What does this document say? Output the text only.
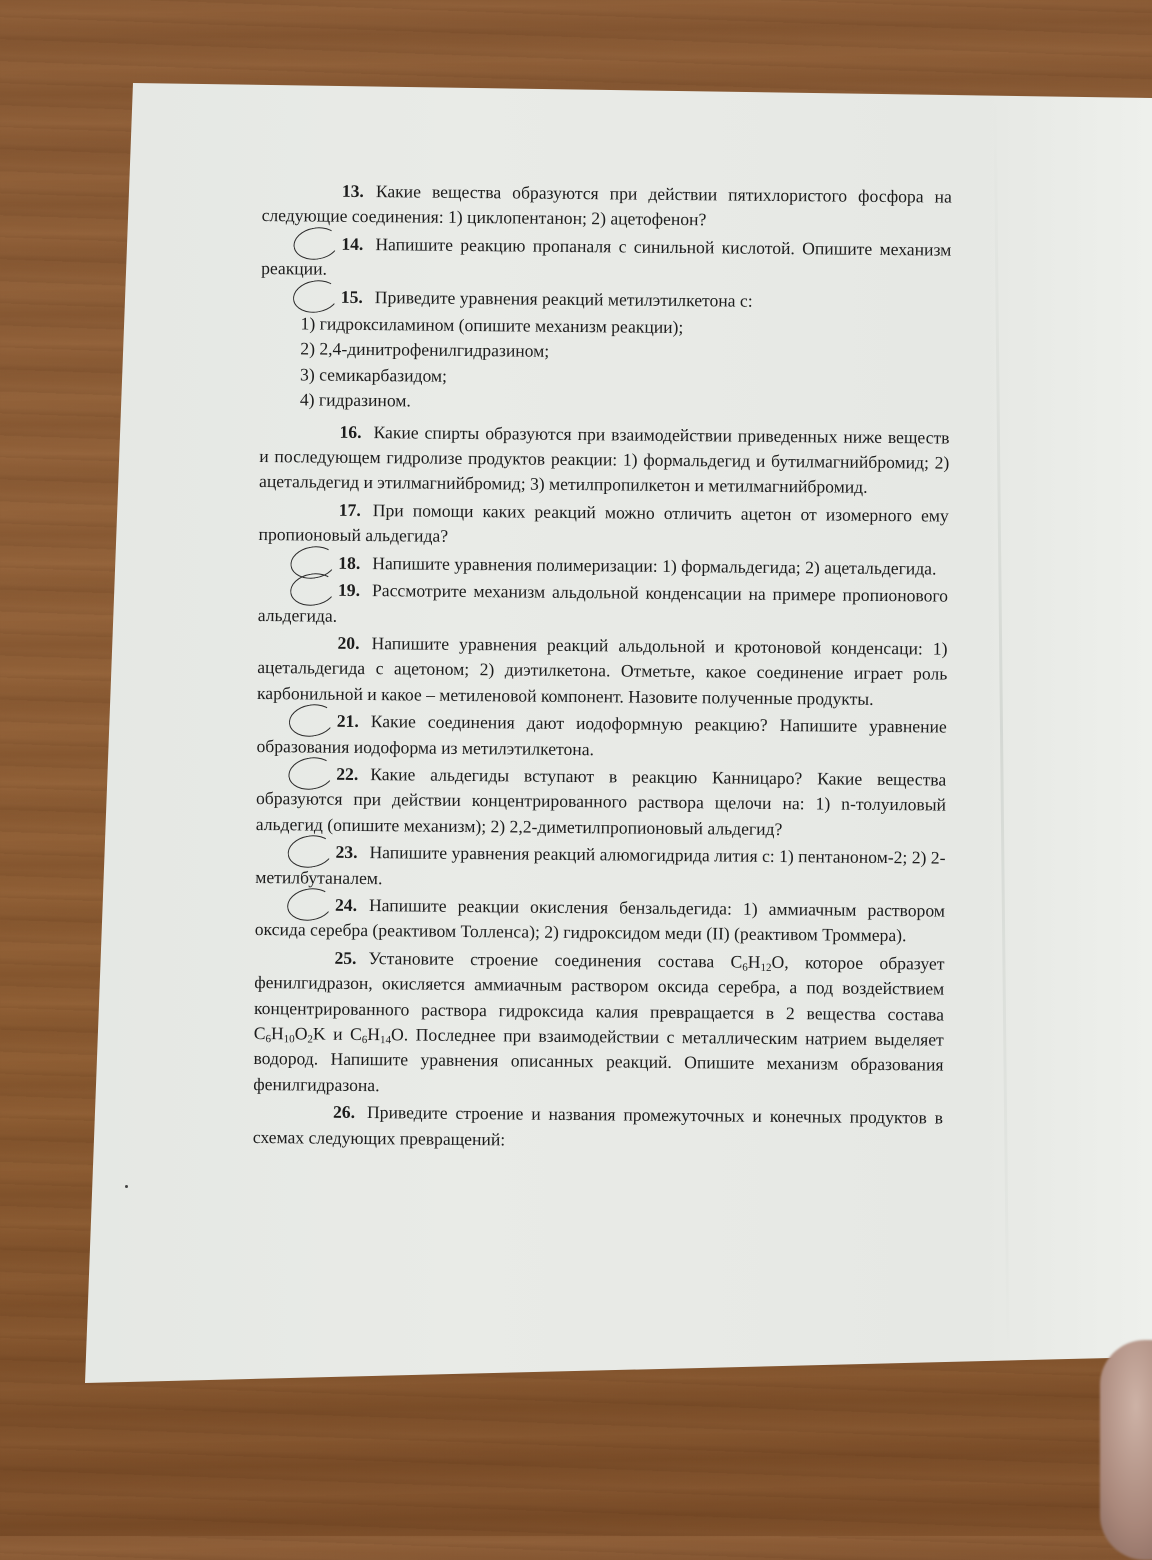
13. Какие вещества образуются при действии пятихлористого фосфора на следующие соединения: 1) циклопентанон; 2) ацетофенон?

14. Напишите реакцию пропаналя с синильной кислотой. Опишите механизм реакции.

15. Приведите уравнения реакций метилэтилкетона с:

1) гидроксиламином (опишите механизм реакции);

2) 2,4-динитрофенилгидразином;

3) семикарбазидом;

4) гидразином.

16. Какие спирты образуются при взаимодействии приведенных ниже веществ и последующем гидролизе продуктов реакции: 1) формальдегид и бутилмагнийбромид; 2) ацетальдегид и этилмагнийбромид; 3) метилпропилкетон и метилмагнийбромид.

17. При помощи каких реакций можно отличить ацетон от изомерного ему пропионовый альдегида?

18. Напишите уравнения полимеризации: 1) формальдегида; 2) ацетальдегида.

19. Рассмотрите механизм альдольной конденсации на примере пропионового альдегида.

20. Напишите уравнения реакций альдольной и кротоновой конденсаци: 1) ацетальдегида с ацетоном; 2) диэтилкетона. Отметьте, какое соединение играет роль карбонильной и какое – метиленовой компонент. Назовите полученные продукты.

21. Какие соединения дают иодоформную реакцию? Напишите уравнение образования иодоформа из метилэтилкетона.

22. Какие альдегиды вступают в реакцию Канницаро? Какие вещества образуются при действии концентрированного раствора щелочи на: 1) n-толуиловый альдегид (опишите механизм); 2) 2,2-диметилпропионовый альдегид?

23. Напишите уравнения реакций алюмогидрида лития с: 1) пентаноном-2; 2) 2-метилбутаналем.

24. Напишите реакции окисления бензальдегида: 1) аммиачным раствором оксида серебра (реактивом Толленса); 2) гидроксидом меди (II) (реактивом Троммера).

25. Установите строение соединения состава $C_6H_{12}O$, которое образует фенилгидразон, окисляется аммиачным раствором оксида серебра, а под воздействием концентрированного раствора гидроксида калия превращается в 2 вещества состава $C_6H_{10}O_2K$ и $C_6H_{14}O$. Последнее при взаимодействии с металлическим натрием выделяет водород. Напишите уравнения описанных реакций. Опишите механизм образования фенилгидразона.

26. Приведите строение и названия промежуточных и конечных продуктов в схемах следующих превращений:
